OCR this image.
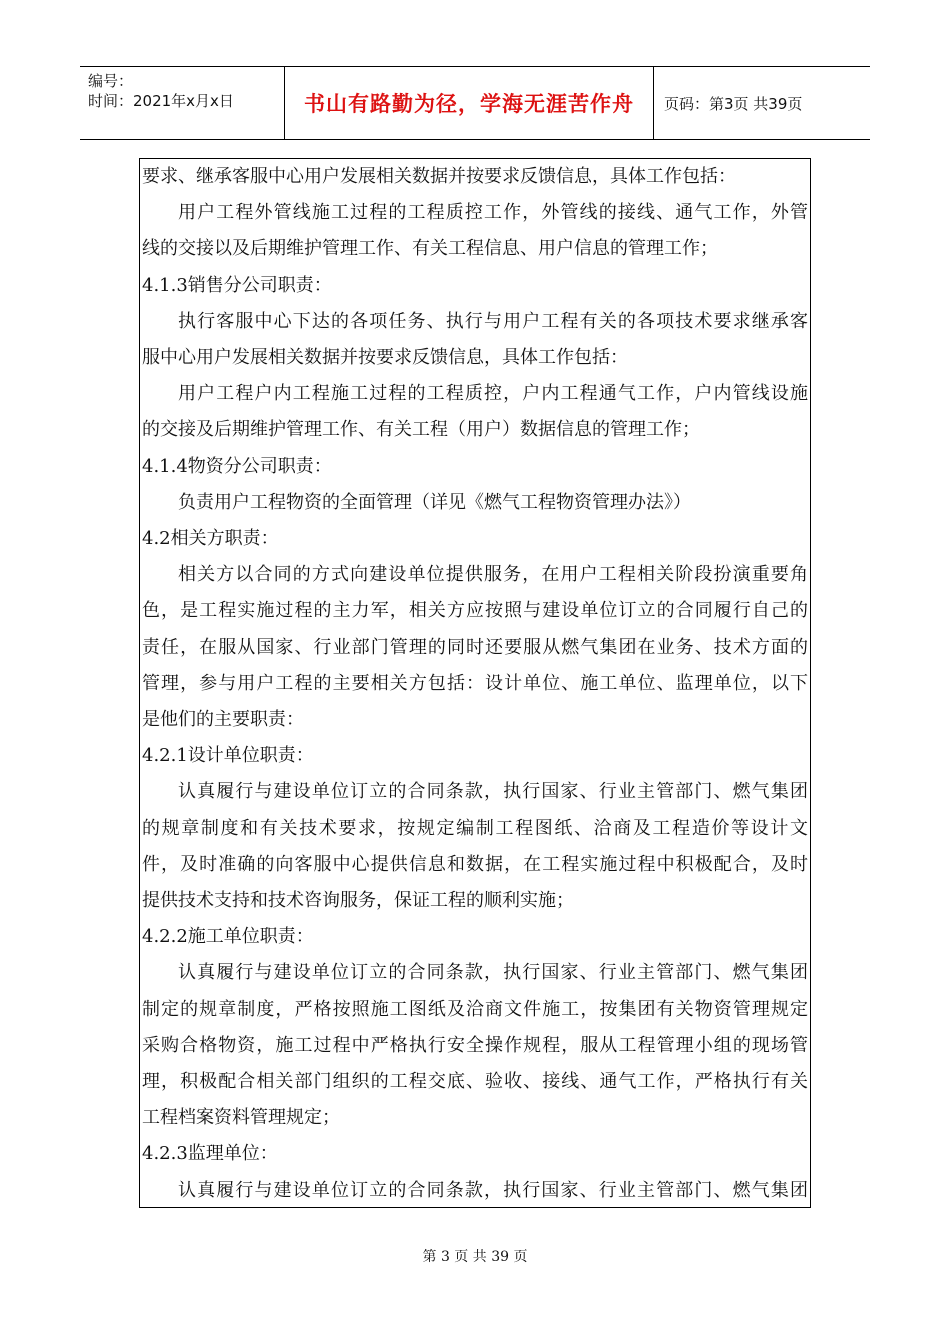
编号：
时间：2021年x月x日	书山有路勤为径，学海无涯苦作舟 页码：第3页 共39页
要求、继承客服中心用户发展相关数据并按要求反馈信息，具体工作包括：
用户工程外管线施工过程的工程质控工作，外管线的接线、通气工作，外管
线的交接以及后期维护管理工作、有关工程信息、用户信息的管理工作；
4.1.3销售分公司职责：
执行客服中心下达的各项任务、执行与用户工程有关的各项技术要求继承客
服中心用户发展相关数据并按要求反馈信息，具体工作包括：
用户工程户内工程施工过程的工程质控，户内工程通气工作，户内管线设施
的交接及后期维护管理工作、有关工程（用户）数据信息的管理工作；
4.1.4物资分公司职责：
负责用户工程物资的全面管理（详见《燃气工程物资管理办法》）
4.2相关方职责：
相关方以合同的方式向建设单位提供服务，在用户工程相关阶段扮演重要角
色，是工程实施过程的主力军，相关方应按照与建设单位订立的合同履行自己的
责任，在服从国家、行业部门管理的同时还要服从燃气集团在业务、技术方面的
管理，参与用户工程的主要相关方包括：设计单位、施工单位、监理单位，以下
是他们的主要职责：
4.2.1设计单位职责：
认真履行与建设单位订立的合同条款，执行国家、行业主管部门、燃气集团
的规章制度和有关技术要求，按规定编制工程图纸、洽商及工程造价等设计文
件，及时准确的向客服中心提供信息和数据，在工程实施过程中积极配合，及时
提供技术支持和技术咨询服务，保证工程的顺利实施；
4.2.2施工单位职责：
认真履行与建设单位订立的合同条款，执行国家、行业主管部门、燃气集团
制定的规章制度，严格按照施工图纸及洽商文件施工，按集团有关物资管理规定
采购合格物资，施工过程中严格执行安全操作规程，服从工程管理小组的现场管
理，积极配合相关部门组织的工程交底、验收、接线、通气工作，严格执行有关
工程档案资料管理规定；
4.2.3监理单位：
认真履行与建设单位订立的合同条款，执行国家、行业主管部门、燃气集团
第 3 页 共 39 页
